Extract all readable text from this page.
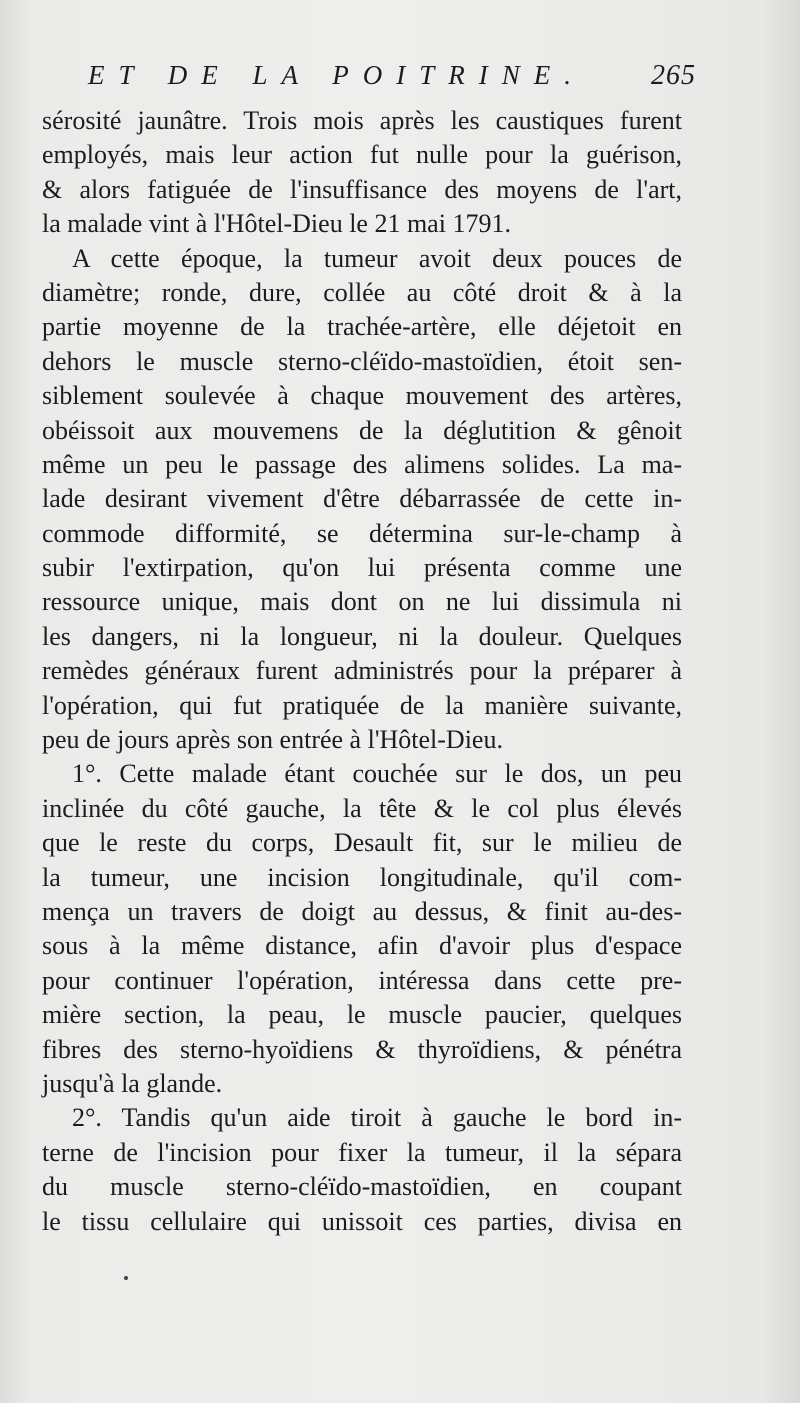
ET DE LA POITRINE. 265
sérosité jaunâtre. Trois mois après les caustiques furent
employés, mais leur action fut nulle pour la guérison,
& alors fatiguée de l'insuffisance des moyens de l'art,
la malade vint à l'Hôtel-Dieu le 21 mai 1791.
A cette époque, la tumeur avoit deux pouces de
diamètre; ronde, dure, collée au côté droit & à la
partie moyenne de la trachée-artère, elle déjetoit en
dehors le muscle sterno-cléïdo-mastoïdien, étoit sen-
siblement soulevée à chaque mouvement des artères,
obéissoit aux mouvemens de la déglutition & gênoit
même un peu le passage des alimens solides. La ma-
lade desirant vivement d'être débarrassée de cette in-
commode difformité, se détermina sur-le-champ à
subir l'extirpation, qu'on lui présenta comme une
ressource unique, mais dont on ne lui dissimula ni
les dangers, ni la longueur, ni la douleur. Quelques
remèdes généraux furent administrés pour la préparer à
l'opération, qui fut pratiquée de la manière suivante,
peu de jours après son entrée à l'Hôtel-Dieu.
1°. Cette malade étant couchée sur le dos, un peu
inclinée du côté gauche, la tête & le col plus élevés
que le reste du corps, Desault fit, sur le milieu de
la tumeur, une incision longitudinale, qu'il com-
mença un travers de doigt au dessus, & finit au-des-
sous à la même distance, afin d'avoir plus d'espace
pour continuer l'opération, intéressa dans cette pre-
mière section, la peau, le muscle paucier, quelques
fibres des sterno-hyoïdiens & thyroïdiens, & pénétra
jusqu'à la glande.
2°. Tandis qu'un aide tiroit à gauche le bord in-
terne de l'incision pour fixer la tumeur, il la sépara
du muscle sterno-cléïdo-mastoïdien, en coupant
le tissu cellulaire qui unissoit ces parties, divisa en
